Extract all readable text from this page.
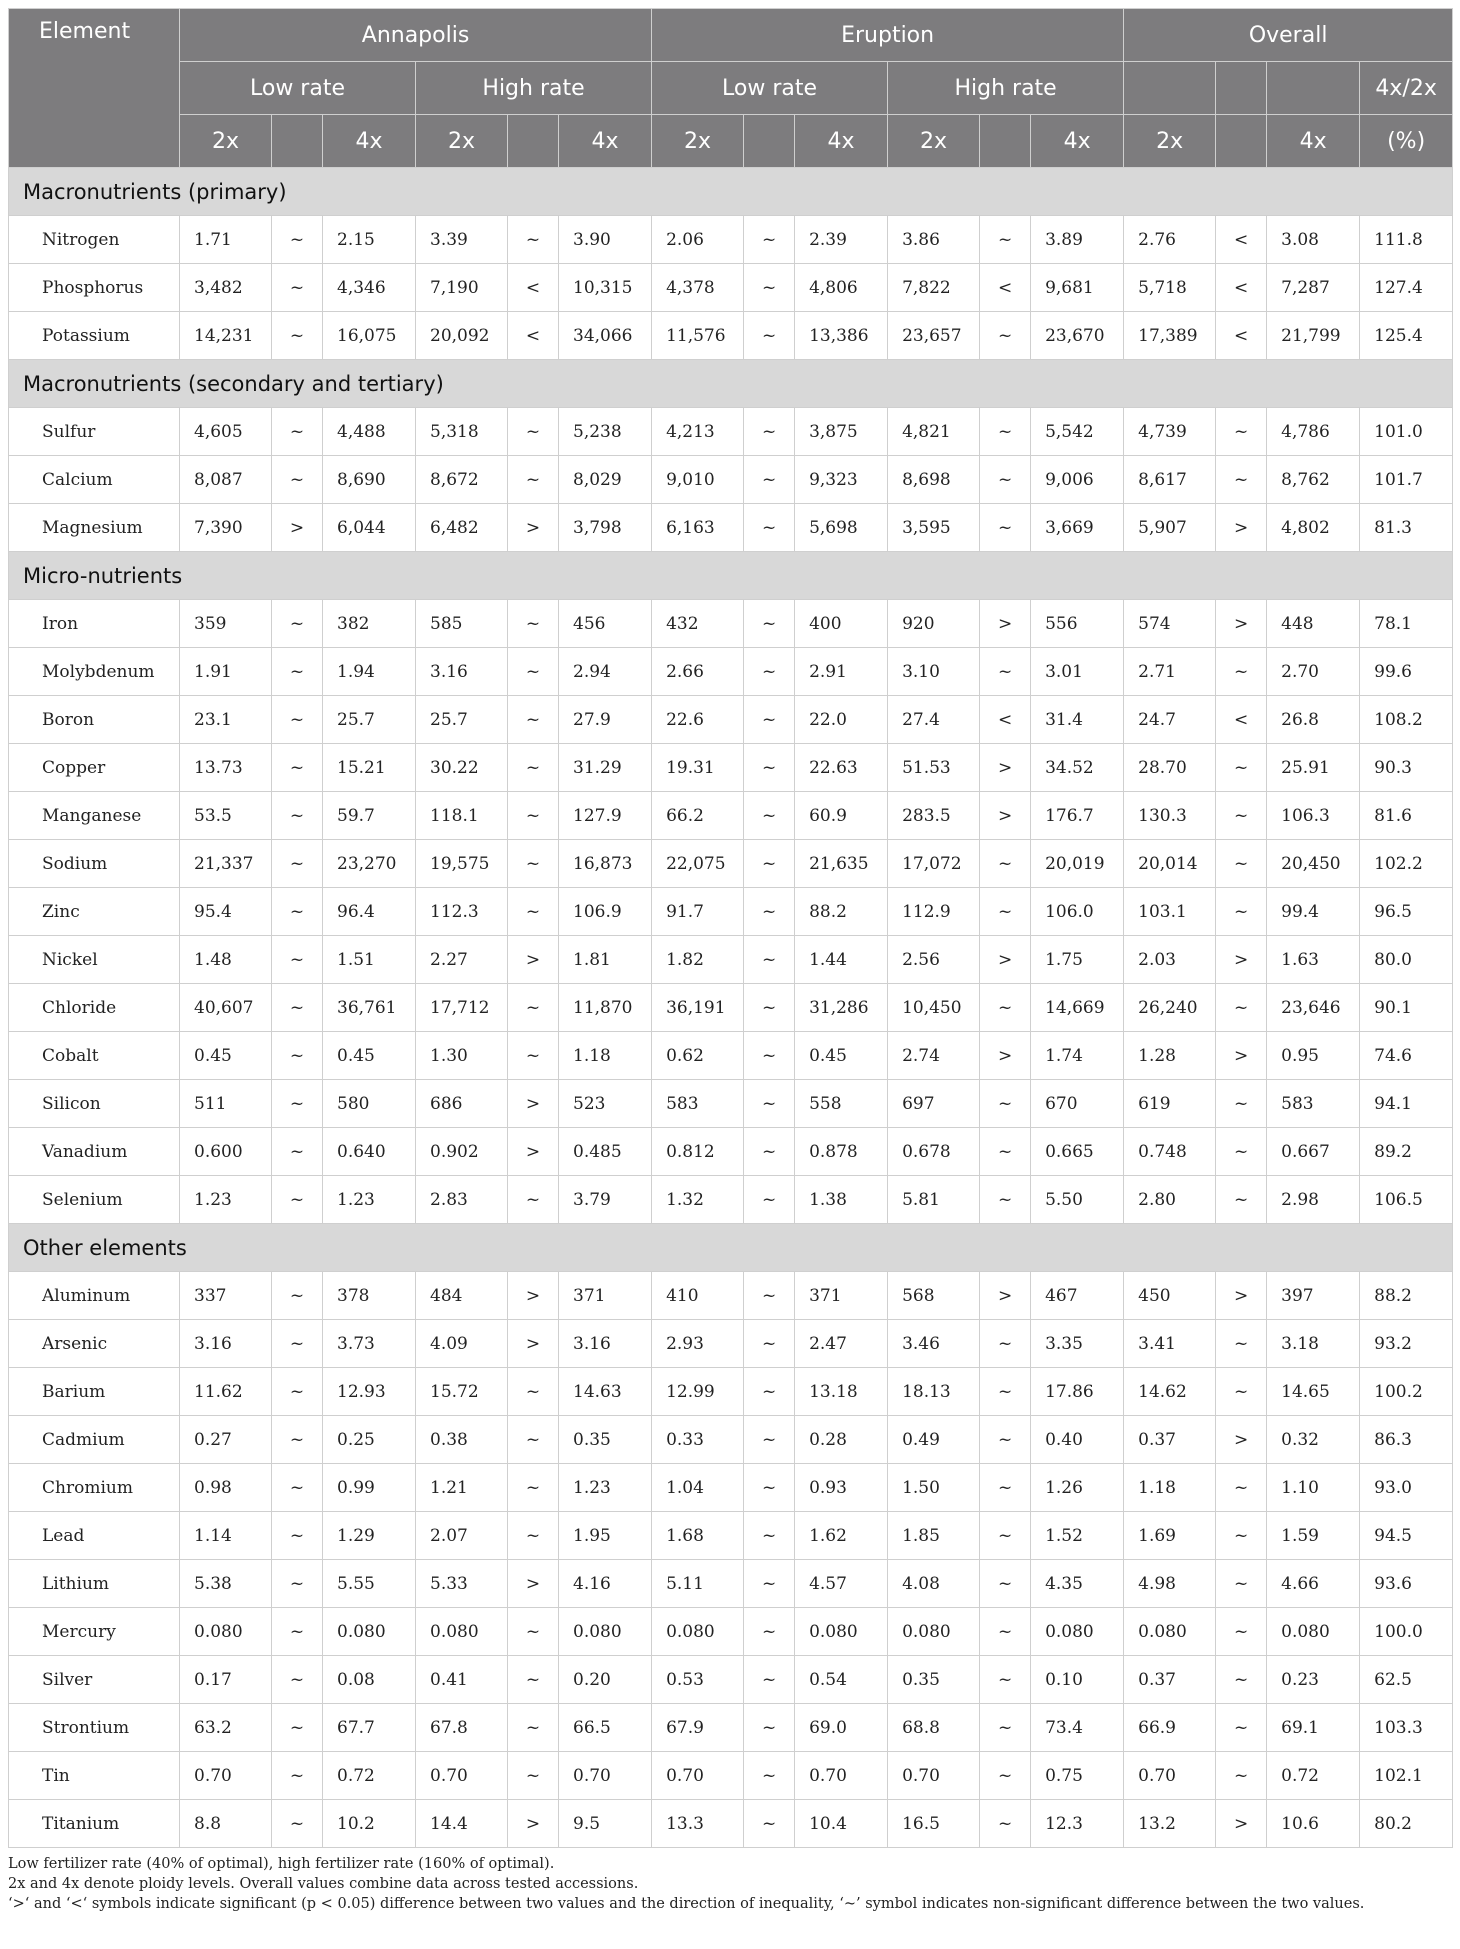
Element	Annapolis						Eruption						Overall			
	Low rate			High rate			Low rate			High rate						4x/2x
	2x		4x	2x		4x	2x		4x	2x		4x	2x		4x	(%)
Macronutrients (primary)																
Nitrogen	1.71	~	2.15	3.39	~	3.90	2.06	~	2.39	3.86	~	3.89	2.76	<	3.08	111.8
Phosphorus	3,482	~	4,346	7,190	<	10,315	4,378	~	4,806	7,822	<	9,681	5,718	<	7,287	127.4
Potassium	14,231	~	16,075	20,092	<	34,066	11,576	~	13,386	23,657	~	23,670	17,389	<	21,799	125.4
Macronutrients (secondary and tertiary)																
Sulfur	4,605	~	4,488	5,318	~	5,238	4,213	~	3,875	4,821	~	5,542	4,739	~	4,786	101.0
Calcium	8,087	~	8,690	8,672	~	8,029	9,010	~	9,323	8,698	~	9,006	8,617	~	8,762	101.7
Magnesium	7,390	>	6,044	6,482	>	3,798	6,163	~	5,698	3,595	~	3,669	5,907	>	4,802	81.3
Micro-nutrients																
Iron	359	~	382	585	~	456	432	~	400	920	>	556	574	>	448	78.1
Molybdenum	1.91	~	1.94	3.16	~	2.94	2.66	~	2.91	3.10	~	3.01	2.71	~	2.70	99.6
Boron	23.1	~	25.7	25.7	~	27.9	22.6	~	22.0	27.4	<	31.4	24.7	<	26.8	108.2
Copper	13.73	~	15.21	30.22	~	31.29	19.31	~	22.63	51.53	>	34.52	28.70	~	25.91	90.3
Manganese	53.5	~	59.7	118.1	~	127.9	66.2	~	60.9	283.5	>	176.7	130.3	~	106.3	81.6
Sodium	21,337	~	23,270	19,575	~	16,873	22,075	~	21,635	17,072	~	20,019	20,014	~	20,450	102.2
Zinc	95.4	~	96.4	112.3	~	106.9	91.7	~	88.2	112.9	~	106.0	103.1	~	99.4	96.5
Nickel	1.48	~	1.51	2.27	>	1.81	1.82	~	1.44	2.56	>	1.75	2.03	>	1.63	80.0
Chloride	40,607	~	36,761	17,712	~	11,870	36,191	~	31,286	10,450	~	14,669	26,240	~	23,646	90.1
Cobalt	0.45	~	0.45	1.30	~	1.18	0.62	~	0.45	2.74	>	1.74	1.28	>	0.95	74.6
Silicon	511	~	580	686	>	523	583	~	558	697	~	670	619	~	583	94.1
Vanadium	0.600	~	0.640	0.902	>	0.485	0.812	~	0.878	0.678	~	0.665	0.748	~	0.667	89.2
Selenium	1.23	~	1.23	2.83	~	3.79	1.32	~	1.38	5.81	~	5.50	2.80	~	2.98	106.5
Other elements																
Aluminum	337	~	378	484	>	371	410	~	371	568	>	467	450	>	397	88.2
Arsenic	3.16	~	3.73	4.09	>	3.16	2.93	~	2.47	3.46	~	3.35	3.41	~	3.18	93.2
Barium	11.62	~	12.93	15.72	~	14.63	12.99	~	13.18	18.13	~	17.86	14.62	~	14.65	100.2
Cadmium	0.27	~	0.25	0.38	~	0.35	0.33	~	0.28	0.49	~	0.40	0.37	>	0.32	86.3
Chromium	0.98	~	0.99	1.21	~	1.23	1.04	~	0.93	1.50	~	1.26	1.18	~	1.10	93.0
Lead	1.14	~	1.29	2.07	~	1.95	1.68	~	1.62	1.85	~	1.52	1.69	~	1.59	94.5
Lithium	5.38	~	5.55	5.33	>	4.16	5.11	~	4.57	4.08	~	4.35	4.98	~	4.66	93.6
Mercury	0.080	~	0.080	0.080	~	0.080	0.080	~	0.080	0.080	~	0.080	0.080	~	0.080	100.0
Silver	0.17	~	0.08	0.41	~	0.20	0.53	~	0.54	0.35	~	0.10	0.37	~	0.23	62.5
Strontium	63.2	~	67.7	67.8	~	66.5	67.9	~	69.0	68.8	~	73.4	66.9	~	69.1	103.3
Tin	0.70	~	0.72	0.70	~	0.70	0.70	~	0.70	0.70	~	0.75	0.70	~	0.72	102.1
Titanium	8.8	~	10.2	14.4	>	9.5	13.3	~	10.4	16.5	~	12.3	13.2	>	10.6	80.2
Low fertilizer rate (40% of optimal), high fertilizer rate (160% of optimal).
2x and 4x denote ploidy levels. Overall values combine data across tested accessions.
‘>‘ and ‘<‘ symbols indicate significant (p < 0.05) difference between two values and the direction of inequality, ‘~’ symbol indicates non-significant difference between the two values.
